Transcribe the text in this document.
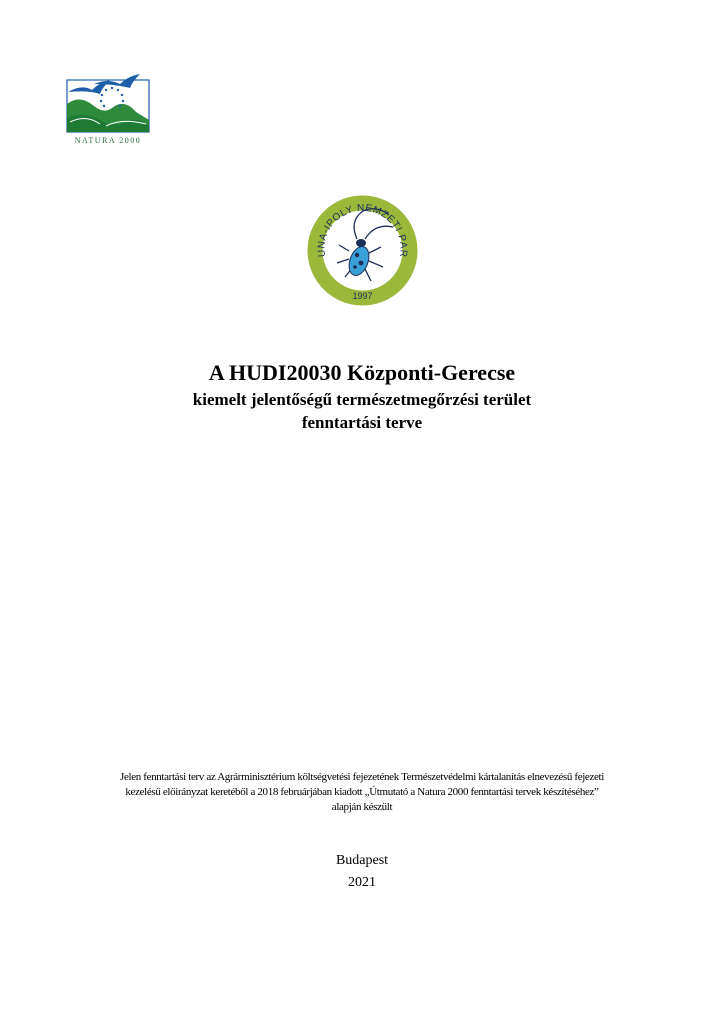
NATURA 2000
UNA-IPOLY NEMZETI PAR
1997

A HUDI20030 Központi-Gerecse

kiemelt jelentőségű természetmegőrzési terület

fenntartási terve

Jelen fenntartási terv az Agrárminisztérium költségvetési fejezetének Természetvédelmi kártalanítás elnevezésű fejezeti
kezelésű előirányzat keretéből a 2018 februárjában kiadott „Útmutató a Natura 2000 fenntartási tervek készítéséhez”
alapján készült
Budapest
2021
